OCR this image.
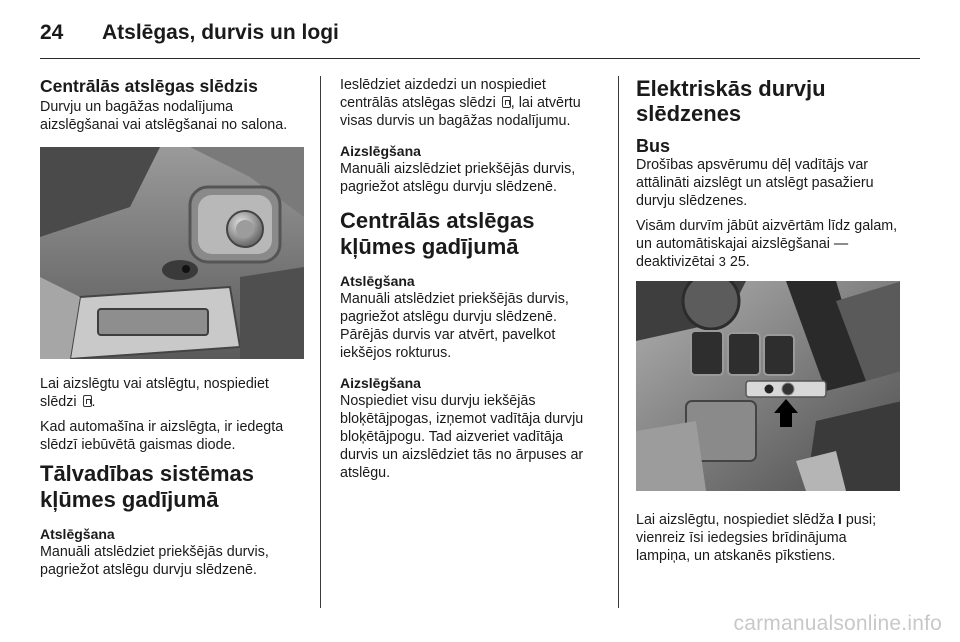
24	Atslēgas, durvis un logi
Centrālās atslēgas slēdzis

Durvju un bagāžas nodalījuma aizslēgšanai vai atslēgšanai no salona.

Lai aizslēgtu vai atslēgtu, nospiediet slēdzi .

Kad automašīna ir aizslēgta, ir iedegta slēdzī iebūvētā gaismas diode.

Tālvadības sistēmas kļūmes gadījumā
Atslēgšana

Manuāli atslēdziet priekšējās durvis, pagriežot atslēgu durvju slēdzenē.

Ieslēdziet aizdedzi un nospiediet centrālās atslēgas slēdzi , lai atvērtu visas durvis un bagāžas nodalījumu.

Aizslēgšana

Manuāli aizslēdziet priekšējās durvis, pagriežot atslēgu durvju slēdzenē.

Centrālās atslēgas kļūmes gadījumā
Atslēgšana

Manuāli atslēdziet priekšējās durvis, pagriežot atslēgu durvju slēdzenē. Pārējās durvis var atvērt, pavelkot iekšējos rokturus.

Aizslēgšana

Nospiediet visu durvju iekšējās bloķētājpogas, izņemot vadītāja durvju bloķētājpogu. Tad aizveriet vadītāja durvis un aizslēdziet tās no ārpuses ar atslēgu.

Elektriskās durvju slēdzenes
Bus

Drošības apsvērumu dēļ vadītājs var attālināti aizslēgt un atslēgt pasažieru durvju slēdzenes.

Visām durvīm jābūt aizvērtām līdz galam, un automātiskajai aizslēgšanai — deaktivizētai 3 25.

Lai aizslēgtu, nospiediet slēdža I pusi; vienreiz īsi iedegsies brīdinājuma lampiņa, un atskanēs pīkstiens.

carmanualsonline.info
